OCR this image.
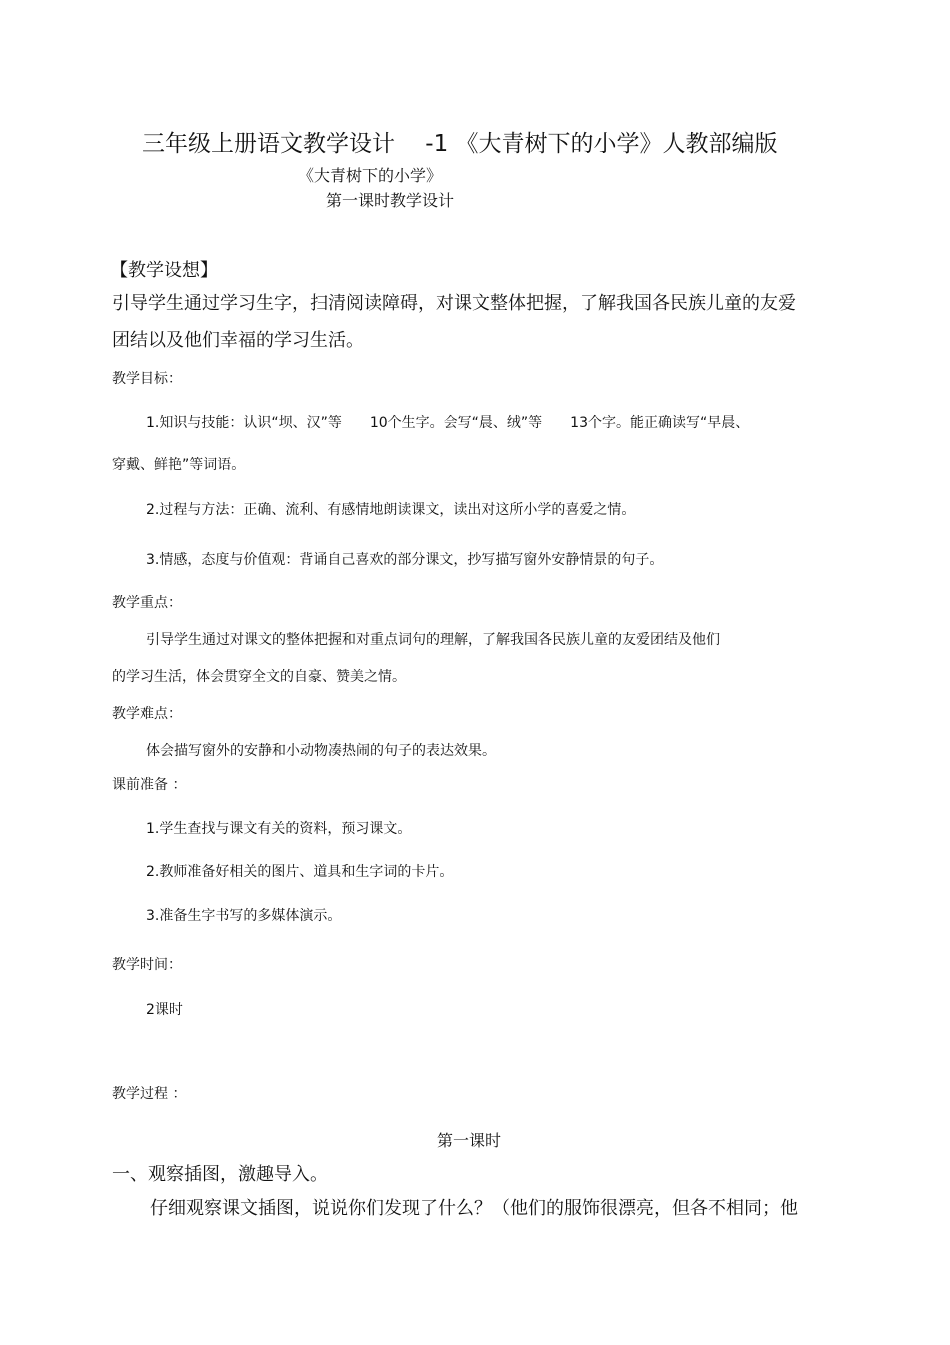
三年级上册语文教学设计　 -1 《大青树下的小学》人教部编版
《大青树下的小学》
第一课时教学设计
【教学设想】
引导学生通过学习生字，扫清阅读障碍，对课文整体把握，了解我国各民族儿童的友爱
团结以及他们幸福的学习生活。
教学目标：
1.知识与技能：认识“坝、汉”等　　10个生字。会写“晨、绒”等　　13个字。能正确读写“早晨、
穿戴、鲜艳”等词语。
2.过程与方法：正确、流利、有感情地朗读课文，读出对这所小学的喜爱之情。
3.情感，态度与价值观：背诵自己喜欢的部分课文，抄写描写窗外安静情景的句子。
教学重点：
引导学生通过对课文的整体把握和对重点词句的理解，了解我国各民族儿童的友爱团结及他们
的学习生活，体会贯穿全文的自豪、赞美之情。
教学难点：
体会描写窗外的安静和小动物凑热闹的句子的表达效果。
课前准备 ：
1.学生查找与课文有关的资料，预习课文。
2.教师准备好相关的图片、道具和生字词的卡片。
3.准备生字书写的多媒体演示。
教学时间：
2课时
教学过程 ：
第一课时
一、观察插图，激趣导入。
仔细观察课文插图，说说你们发现了什么？（他们的服饰很漂亮，但各不相同；他
